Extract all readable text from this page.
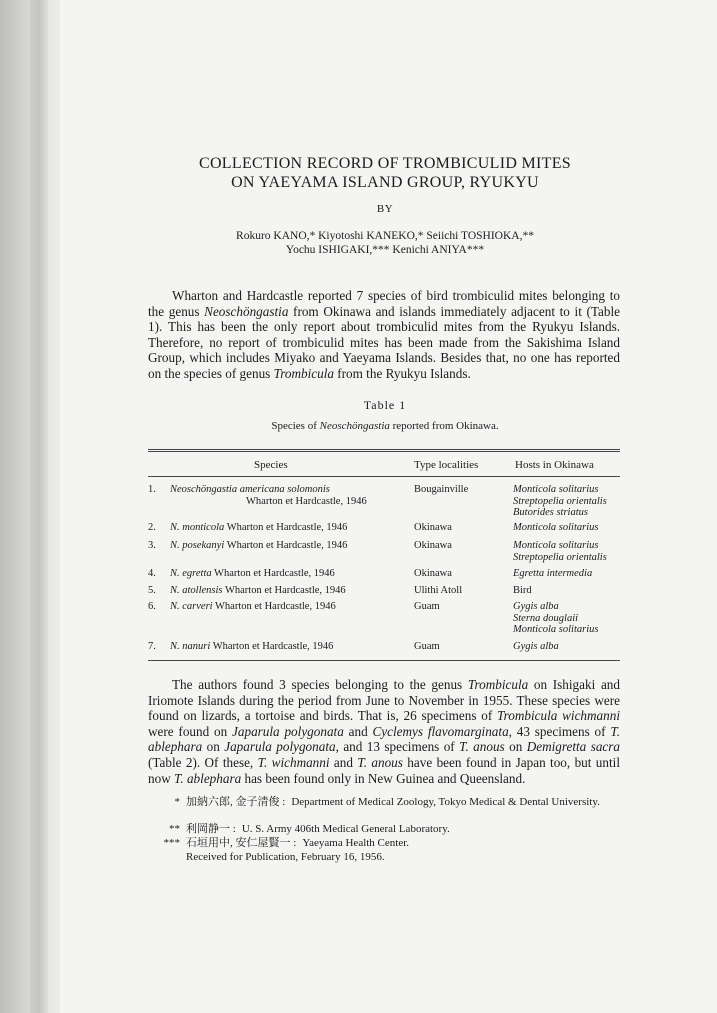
COLLECTION RECORD OF TROMBICULID MITES
ON YAEYAMA ISLAND GROUP, RYUKYU
BY
Rokuro KANO,* Kiyotoshi KANEKO,* Seiichi TOSHIOKA,**
Yochu ISHIGAKI,*** Kenichi ANIYA***

Wharton and Hardcastle reported 7 species of bird trombiculid mites belonging to the genus Neoschöngastia from Okinawa and islands immediately adjacent to it (Table 1). This has been the only report about trombiculid mites from the Ryukyu Islands. Therefore, no report of trombiculid mites has been made from the Sakishima Island Group, which includes Miyako and Yaeyama Islands. Besides that, no one has reported on the species of genus Trombicula from the Ryukyu Islands.

Table 1
Species of Neoschöngastia reported from Okinawa.
Species	Type localities	Hosts in Okinawa
1.	Neoschöngastia americana solomonis
Wharton et Hardcastle, 1946
Bougainville	Monticola solitarius
Streptopelia orientalis
Butorides striatus
2.	N. monticola Wharton et Hardcastle, 1946	Okinawa	Monticola solitarius
3.	N. posekanyi Wharton et Hardcastle, 1946	Okinawa	Monticola solitarius
Streptopelia orientalis
4.	N. egretta Wharton et Hardcastle, 1946	Okinawa	Egretta intermedia
5.	N. atollensis Wharton et Hardcastle, 1946	Ulithi Atoll	Bird
6.	N. carveri Wharton et Hardcastle, 1946	Guam	Gygis alba
Sterna douglaii
Monticola solitarius
7.	N. nanuri Wharton et Hardcastle, 1946	Guam	Gygis alba

The authors found 3 species belonging to the genus Trombicula on Ishigaki and Iriomote Islands during the period from June to November in 1955. These species were found on lizards, a tortoise and birds. That is, 26 specimens of Trombicula wichmanni were found on Japarula polygonata and Cyclemys flavomarginata, 43 specimens of T. ablephara on Japarula polygonata, and 13 specimens of T. anous on Demigretta sacra (Table 2). Of these, T. wichmanni and T. anous have been found in Japan too, but until now T. ablephara has been found only in New Guinea and Queensland.

* 加納六郎, 金子清俊 : Department of Medical Zoology, Tokyo Medical & Dental University.
** 利岡静一 : U. S. Army 406th Medical General Laboratory.
*** 石垣用中, 安仁屋賢一 : Yaeyama Health Center.
Received for Publication, February 16, 1956.
